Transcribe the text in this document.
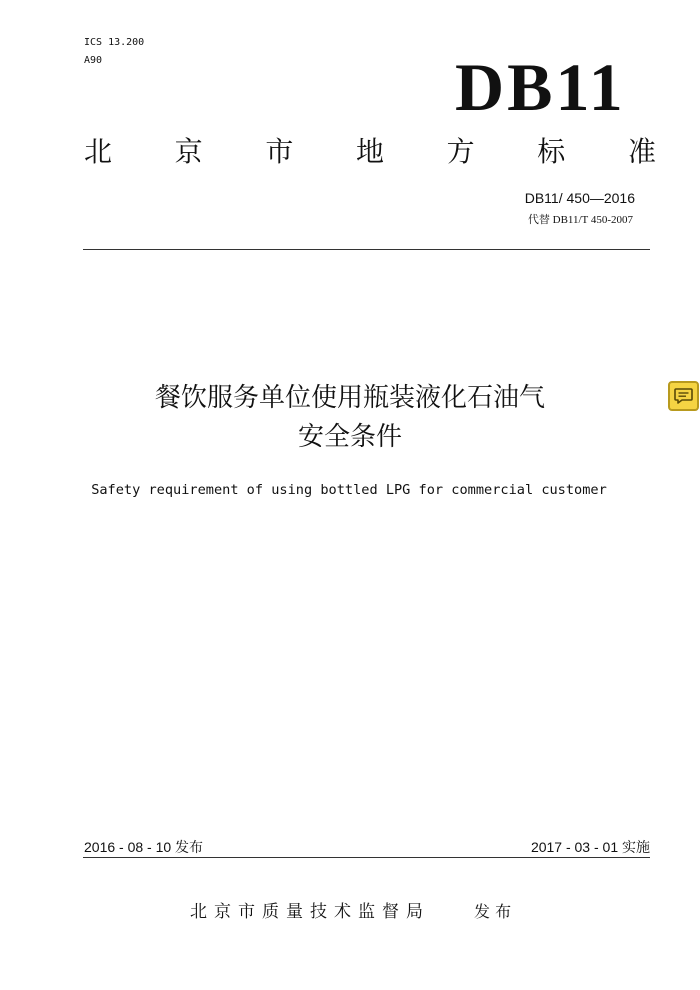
ICS 13.200
A90	DB11
北 京 市 地 方 标 准
DB11/ 450—2016
代替 DB11/T 450-2007
餐饮服务单位使用瓶装液化石油气
安全条件
Safety requirement of using bottled LPG for commercial customer
2016 - 08 - 10 发布	2017 - 03 - 01 实施
北京市质量技术监督局	发 布
